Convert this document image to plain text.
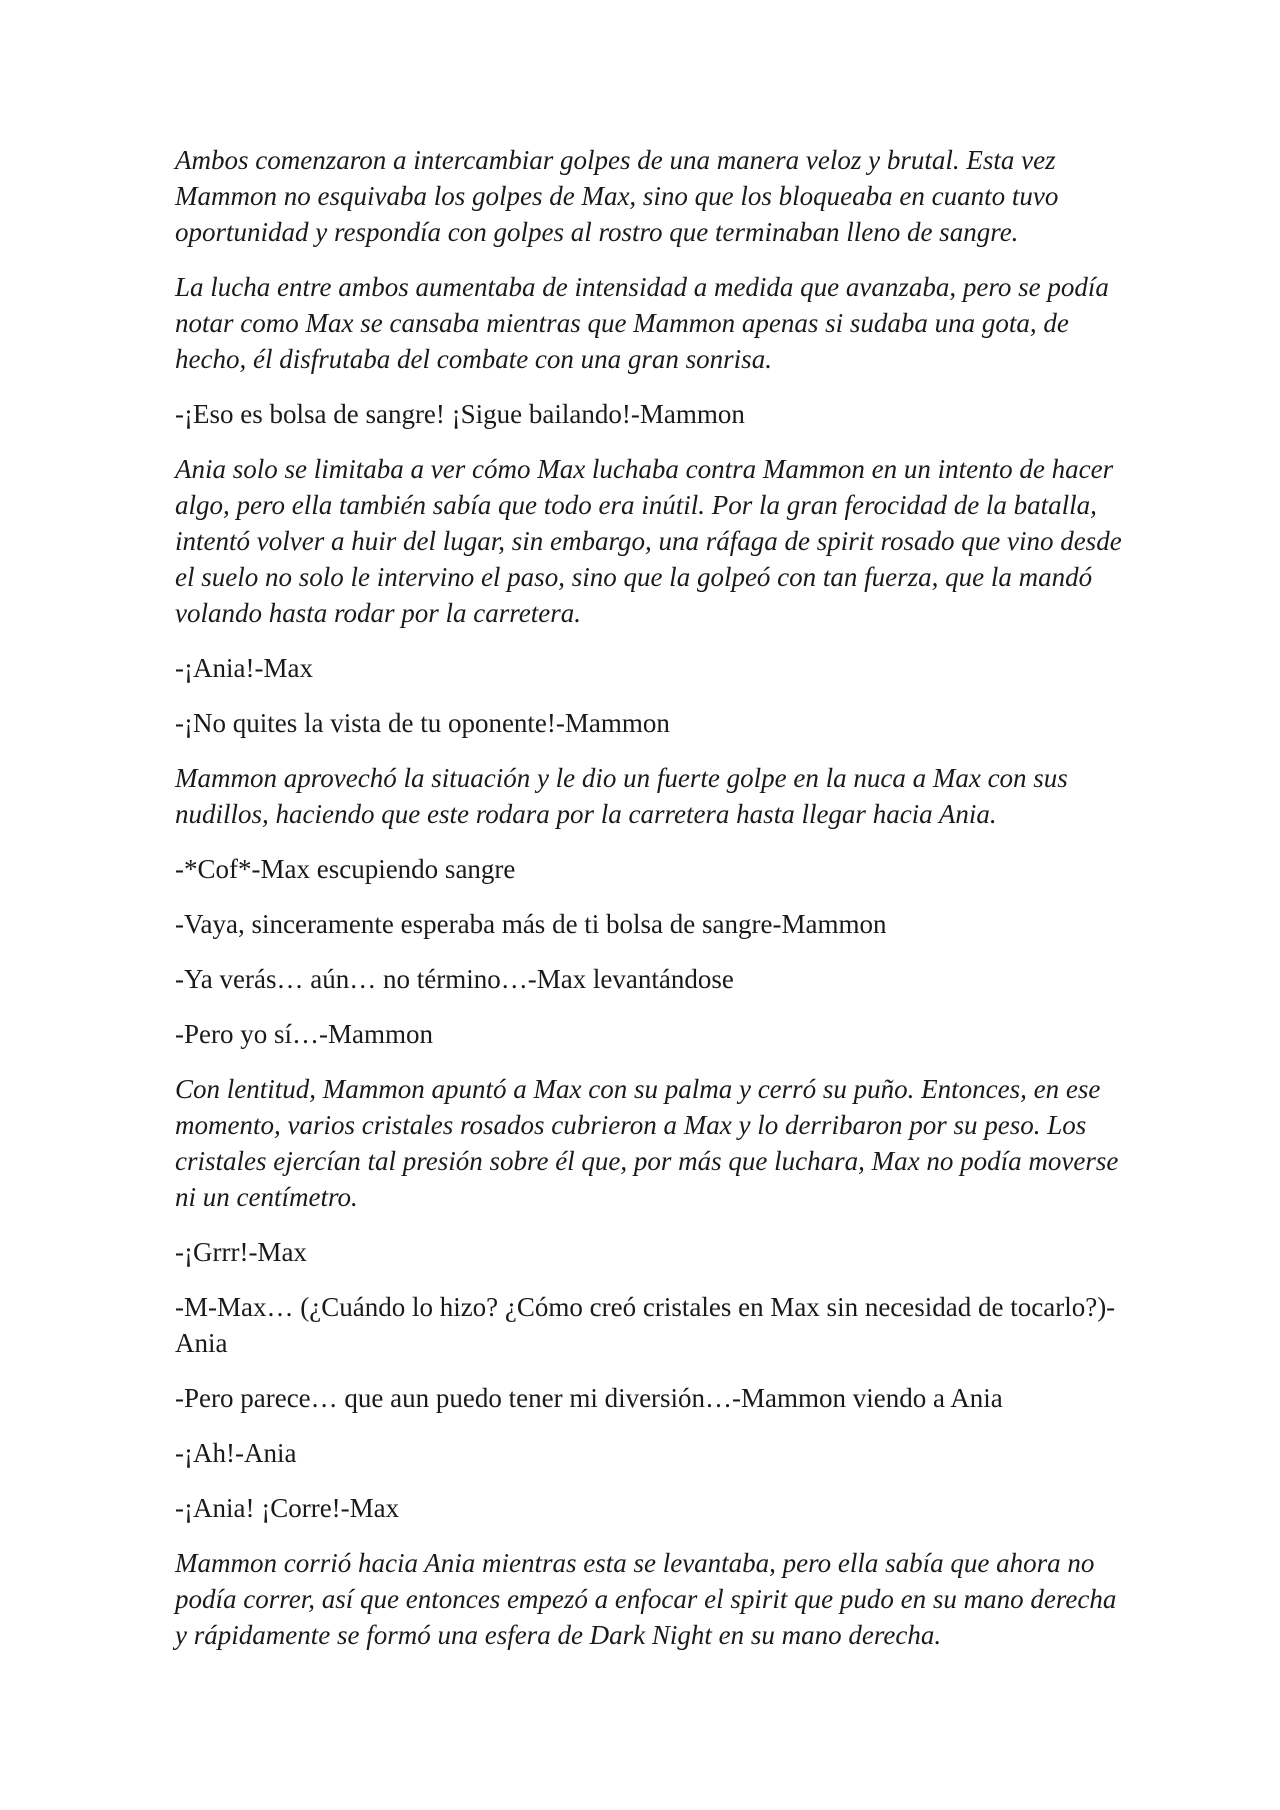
Ambos comenzaron a intercambiar golpes de una manera veloz y brutal. Esta vez
Mammon no esquivaba los golpes de Max, sino que los bloqueaba en cuanto tuvo
oportunidad y respondía con golpes al rostro que terminaban lleno de sangre.

La lucha entre ambos aumentaba de intensidad a medida que avanzaba, pero se podía
notar como Max se cansaba mientras que Mammon apenas si sudaba una gota, de
hecho, él disfrutaba del combate con una gran sonrisa.

-¡Eso es bolsa de sangre! ¡Sigue bailando!-Mammon

Ania solo se limitaba a ver cómo Max luchaba contra Mammon en un intento de hacer
algo, pero ella también sabía que todo era inútil. Por la gran ferocidad de la batalla,
intentó volver a huir del lugar, sin embargo, una ráfaga de spirit rosado que vino desde
el suelo no solo le intervino el paso, sino que la golpeó con tan fuerza, que la mandó
volando hasta rodar por la carretera.

-¡Ania!-Max

-¡No quites la vista de tu oponente!-Mammon

Mammon aprovechó la situación y le dio un fuerte golpe en la nuca a Max con sus
nudillos, haciendo que este rodara por la carretera hasta llegar hacia Ania.

-*Cof*-Max escupiendo sangre

-Vaya, sinceramente esperaba más de ti bolsa de sangre-Mammon

-Ya verás… aún… no término…-Max levantándose

-Pero yo sí…-Mammon

Con lentitud, Mammon apuntó a Max con su palma y cerró su puño. Entonces, en ese
momento, varios cristales rosados cubrieron a Max y lo derribaron por su peso. Los
cristales ejercían tal presión sobre él que, por más que luchara, Max no podía moverse
ni un centímetro.

-¡Grrr!-Max

-M-Max… (¿Cuándo lo hizo? ¿Cómo creó cristales en Max sin necesidad de tocarlo?)-
Ania

-Pero parece… que aun puedo tener mi diversión…-Mammon viendo a Ania

-¡Ah!-Ania

-¡Ania! ¡Corre!-Max

Mammon corrió hacia Ania mientras esta se levantaba, pero ella sabía que ahora no
podía correr, así que entonces empezó a enfocar el spirit que pudo en su mano derecha
y rápidamente se formó una esfera de Dark Night en su mano derecha.
